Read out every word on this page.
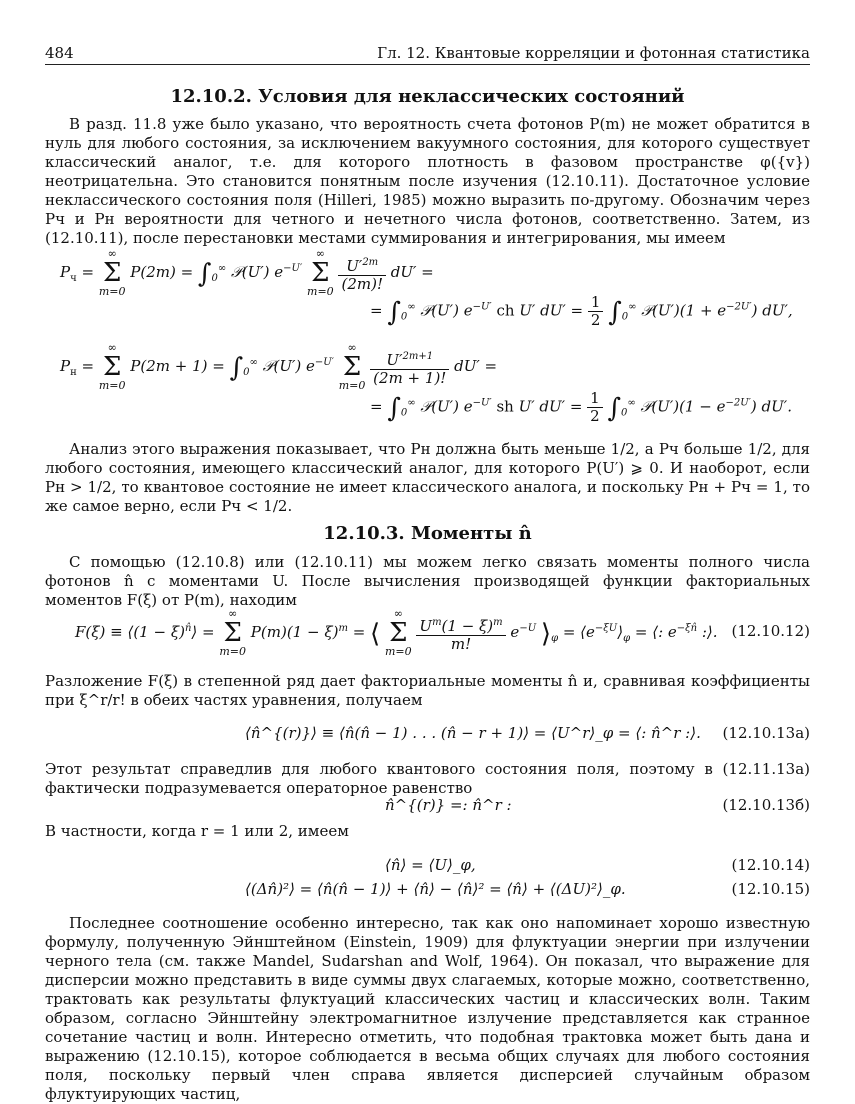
484	Гл. 12. Квантовые корреляции и фотонная статистика
12.10.2. Условия для неклассических состояний

В разд. 11.8 уже было указано, что вероятность счета фотонов P(m) не может обратится в нуль для любого состояния, за исключением вакуумного состояния, для которого существует классический аналог, т.е. для которого плотность в фазовом пространстве φ({v}) неотрицательна. Это становится понятным после изучения (12.10.11). Достаточное условие неклассического состояния поля (Hilleri, 1985) можно выразить по-другому. Обозначим через Pч и Pн вероятности для четного и нечетного числа фотонов, соответственно. Затем, из (12.10.11), после перестановки местами суммирования и интегрирования, мы имеем

$P_ч$ =
∞
Σ
m=0
$P(2m) = \int_0^\infty$ 𝒫(U′) $e^{-U'}$
∞
Σ
m=0
$\frac{U'^{2m}}{(2m)!} dU'$ =
= $\int_0^\infty$ 𝒫(U′) $e^{-U'}$ ch U′ $dU' = \frac{1}{2} \int_0^\infty$ 𝒫(U′)(1 + $e^{-2U'}$) dU′,
$P_н$ =
∞
Σ
m=0
$P(2m + 1) = \int_0^\infty$ 𝒫(U′) $e^{-U'}$
∞
Σ
m=0
$\frac{U'^{2m+1}}{(2m + 1)!} dU'$ =
= $\int_0^\infty$ 𝒫(U′) $e^{-U'}$ sh U′ $dU' = \frac{1}{2} \int_0^\infty$ 𝒫(U′)(1 − $e^{-2U'}$) dU′.

Анализ этого выражения показывает, что Pн должна быть меньше 1/2, а Pч больше 1/2, для любого состояния, имеющего классический аналог, для которого P(U′) ⩾ 0. И наоборот, если Pн > 1/2, то квантовое состояние не имеет классического аналога, и поскольку Pн + Pч = 1, то же самое верно, если Pч < 1/2.

12.10.3. Моменты n̂

С помощью (12.10.8) или (12.10.11) мы можем легко связать моменты полного числа фотонов n̂ с моментами U. После вычисления производящей функции факториальных моментов F(ξ) от P(m), находим

F(ξ) ≡ ⟨(1 − ξ)$^{n̂}$⟩ =
∞
Σ
m=0
$P(m)(1 - \xi)^m$ = ⟨
∞
Σ
m=0
$\frac{U^m(1 - \xi)^m}{m!} e^{-U}$ $⟩_\varphi$ = $⟨e^{-\xi U}⟩_\varphi$ = ⟨: $e^{-\xi n̂}$ :⟩. (12.10.12)

Разложение F(ξ) в степенной ряд дает факториальные моменты n̂ и, сравнивая коэффициенты при ξ^r/r! в обеих частях уравнения, получаем

⟨n̂^{(r)}⟩ ≡ ⟨n̂(n̂ − 1) . . . (n̂ − r + 1)⟩ = ⟨U^r⟩_φ = ⟨: n̂^r :⟩. (12.10.13а)

Этот результат справедлив для любого квантового состояния поля, поэтому в (12.11.13а) фактически подразумевается операторное равенство

n̂^{(r)} =: n̂^r :	(12.10.13б)

В частности, когда r = 1 или 2, имеем

⟨n̂⟩ = ⟨U⟩_φ,	(12.10.14)
⟨(Δn̂)²⟩ = ⟨n̂(n̂ − 1)⟩ + ⟨n̂⟩ − ⟨n̂⟩² = ⟨n̂⟩ + ⟨(ΔU)²⟩_φ.	(12.10.15)

Последнее соотношение особенно интересно, так как оно напоминает хорошо известную формулу, полученную Эйнштейном (Einstein, 1909) для флуктуации энергии при излучении черного тела (см. также Mandel, Sudarshan and Wolf, 1964). Он показал, что выражение для дисперсии можно представить в виде суммы двух слагаемых, которые можно, соответственно, трактовать как результаты флуктуаций классических частиц и классических волн. Таким образом, согласно Эйнштейну электромагнитное излучение представляется как странное сочетание частиц и волн. Интересно отметить, что подобная трактовка может быть дана и выражению (12.10.15), которое соблюдается в весьма общих случаях для любого состояния поля, поскольку первый член справа является дисперсией случайным образом флуктуирующих частиц,
